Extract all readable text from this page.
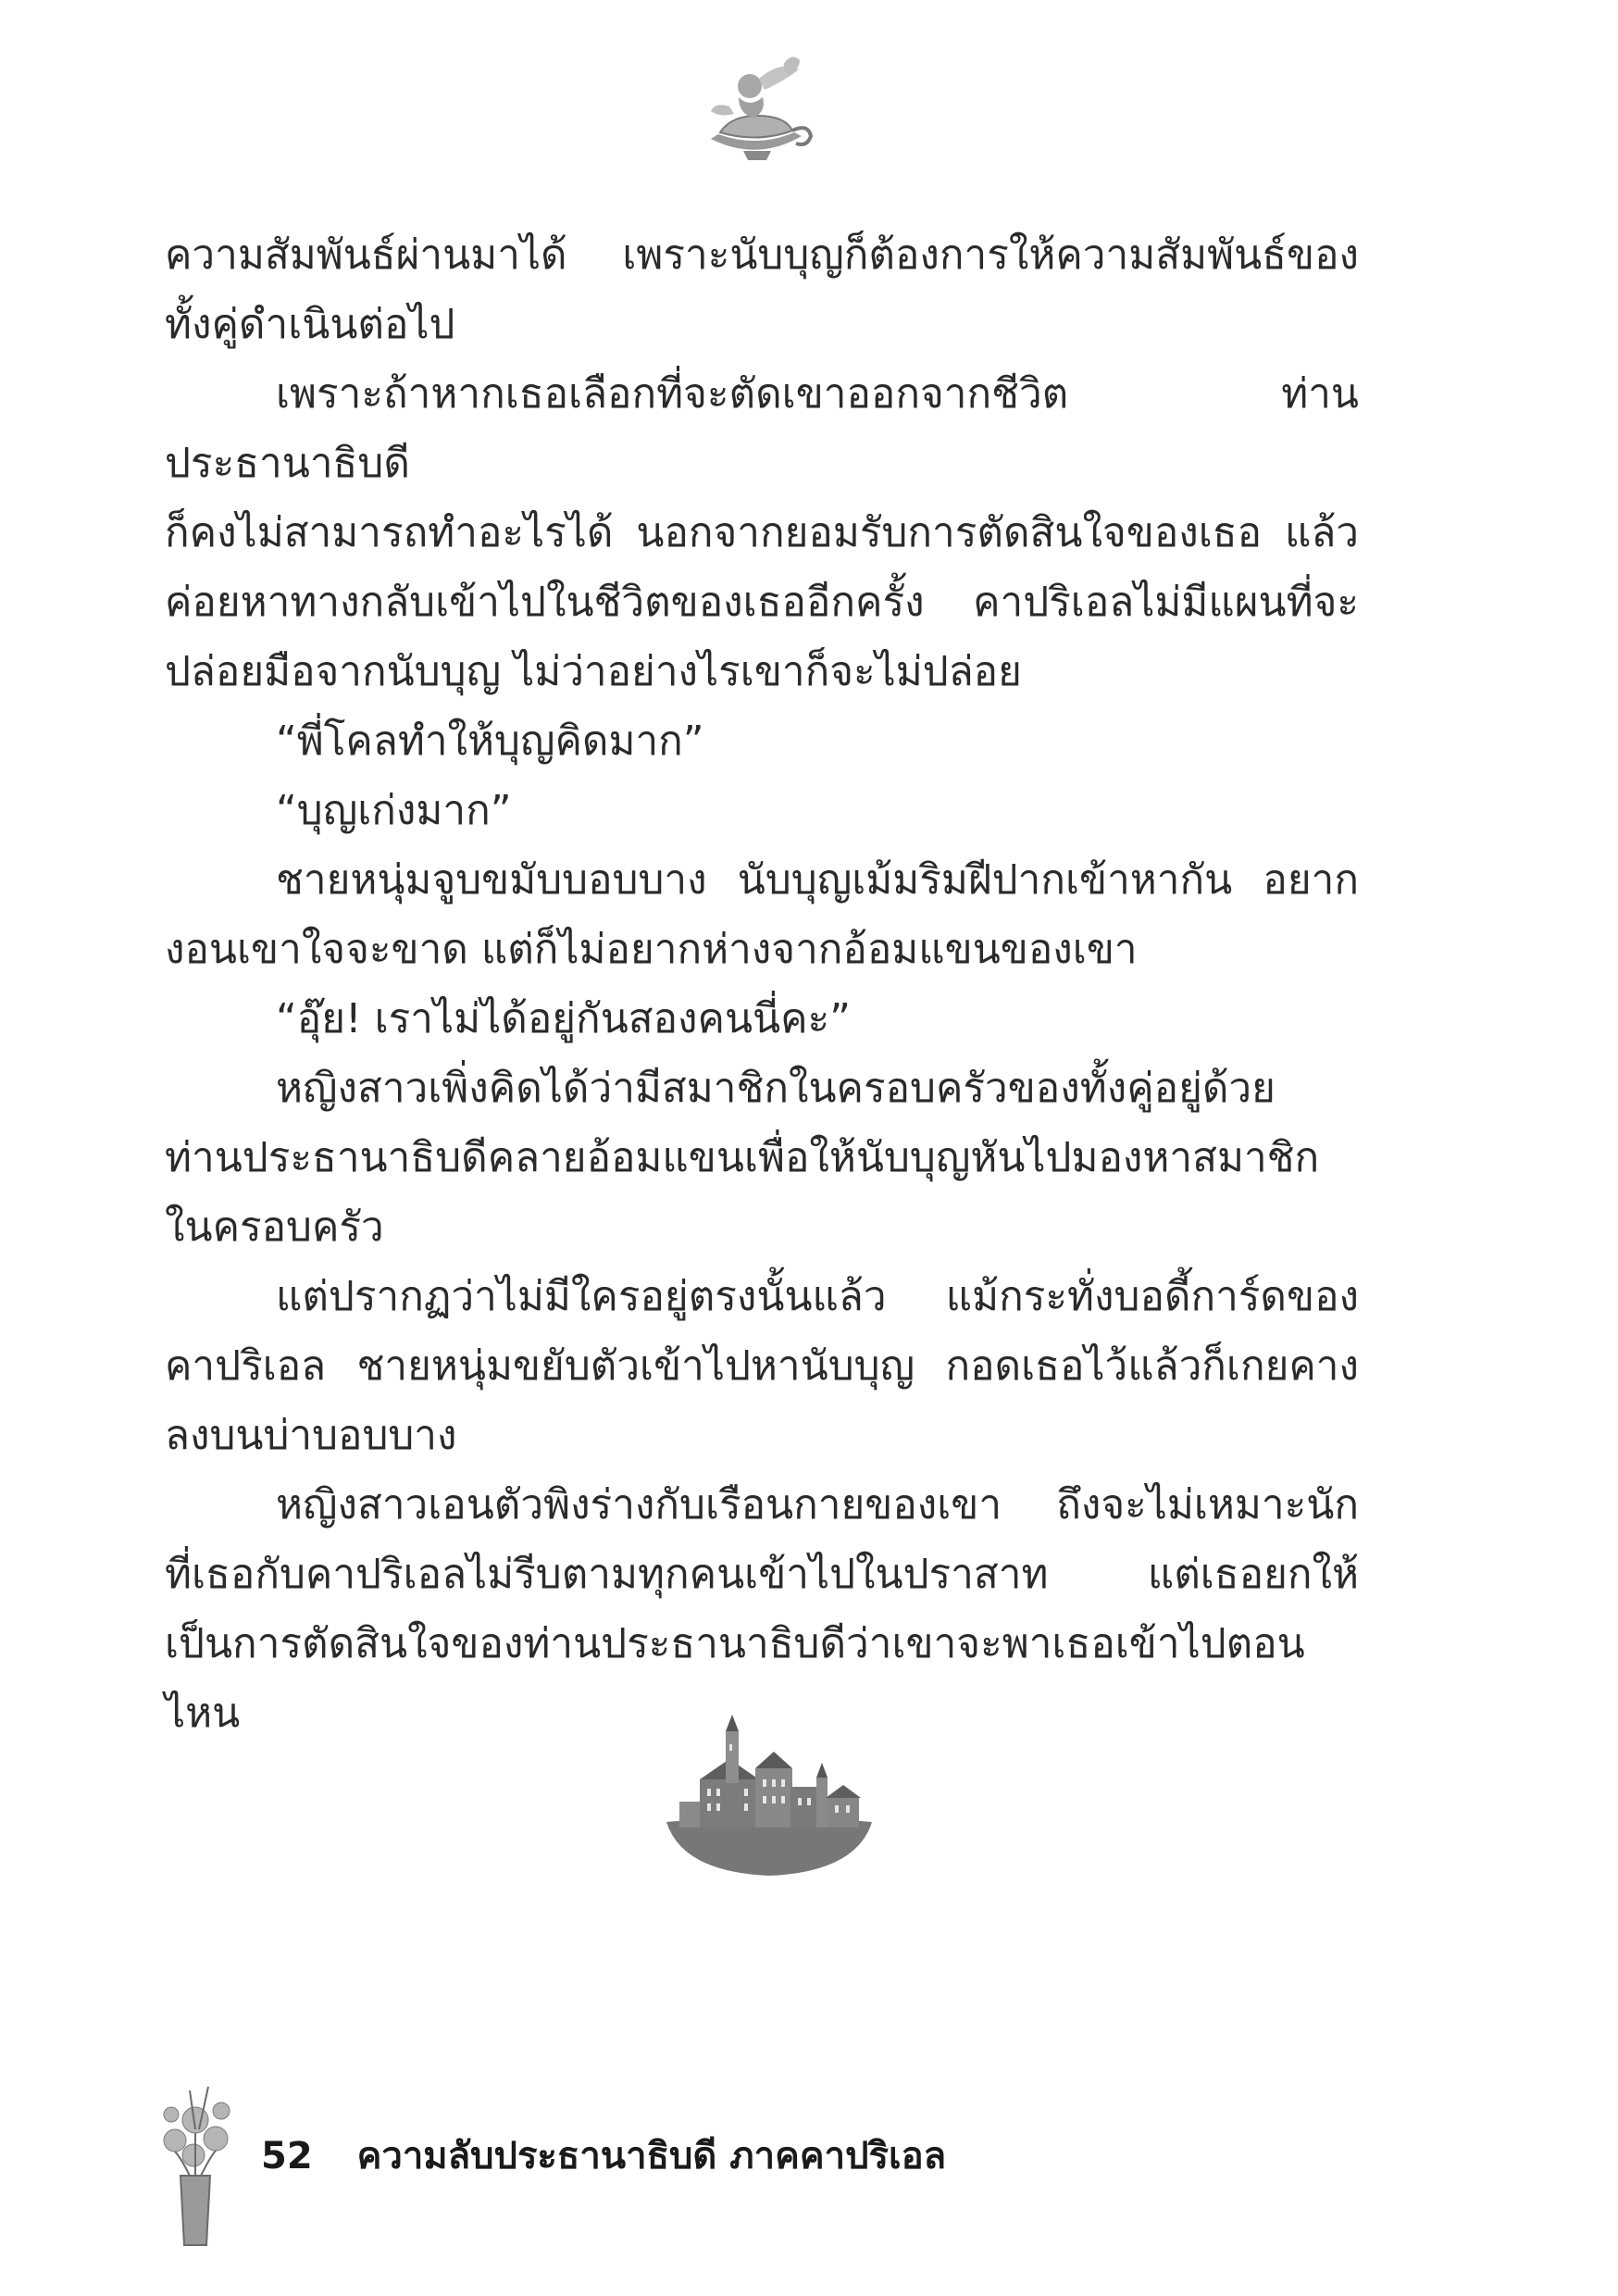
ความสัมพันธ์ผ่านมาได้ เพราะนับบุญก็ต้องการให้ความสัมพันธ์ของ
ทั้งคู่ดำเนินต่อไป

เพราะถ้าหากเธอเลือกที่จะตัดเขาออกจากชีวิต ท่านประธานาธิบดี
ก็คงไม่สามารถทำอะไรได้ นอกจากยอมรับการตัดสินใจของเธอ แล้ว
ค่อยหาทางกลับเข้าไปในชีวิตของเธออีกครั้ง คาปริเอลไม่มีแผนที่จะ
ปล่อยมือจากนับบุญ ไม่ว่าอย่างไรเขาก็จะไม่ปล่อย

“พี่โคลทำให้บุญคิดมาก”

“บุญเก่งมาก”

ชายหนุ่มจูบขมับบอบบาง นับบุญเม้มริมฝีปากเข้าหากัน อยาก
งอนเขาใจจะขาด แต่ก็ไม่อยากห่างจากอ้อมแขนของเขา

“อุ๊ย! เราไม่ได้อยู่กันสองคนนี่คะ”

หญิงสาวเพิ่งคิดได้ว่ามีสมาชิกในครอบครัวของทั้งคู่อยู่ด้วย
ท่านประธานาธิบดีคลายอ้อมแขนเพื่อให้นับบุญหันไปมองหาสมาชิก
ในครอบครัว

แต่ปรากฏว่าไม่มีใครอยู่ตรงนั้นแล้ว แม้กระทั่งบอดี้การ์ดของ
คาปริเอล ชายหนุ่มขยับตัวเข้าไปหานับบุญ กอดเธอไว้แล้วก็เกยคาง
ลงบนบ่าบอบบาง

หญิงสาวเอนตัวพิงร่างกับเรือนกายของเขา ถึงจะไม่เหมาะนัก
ที่เธอกับคาปริเอลไม่รีบตามทุกคนเข้าไปในปราสาท แต่เธอยกให้
เป็นการตัดสินใจของท่านประธานาธิบดีว่าเขาจะพาเธอเข้าไปตอนไหน

52 ความลับประธานาธิบดี ภาคคาปริเอล
